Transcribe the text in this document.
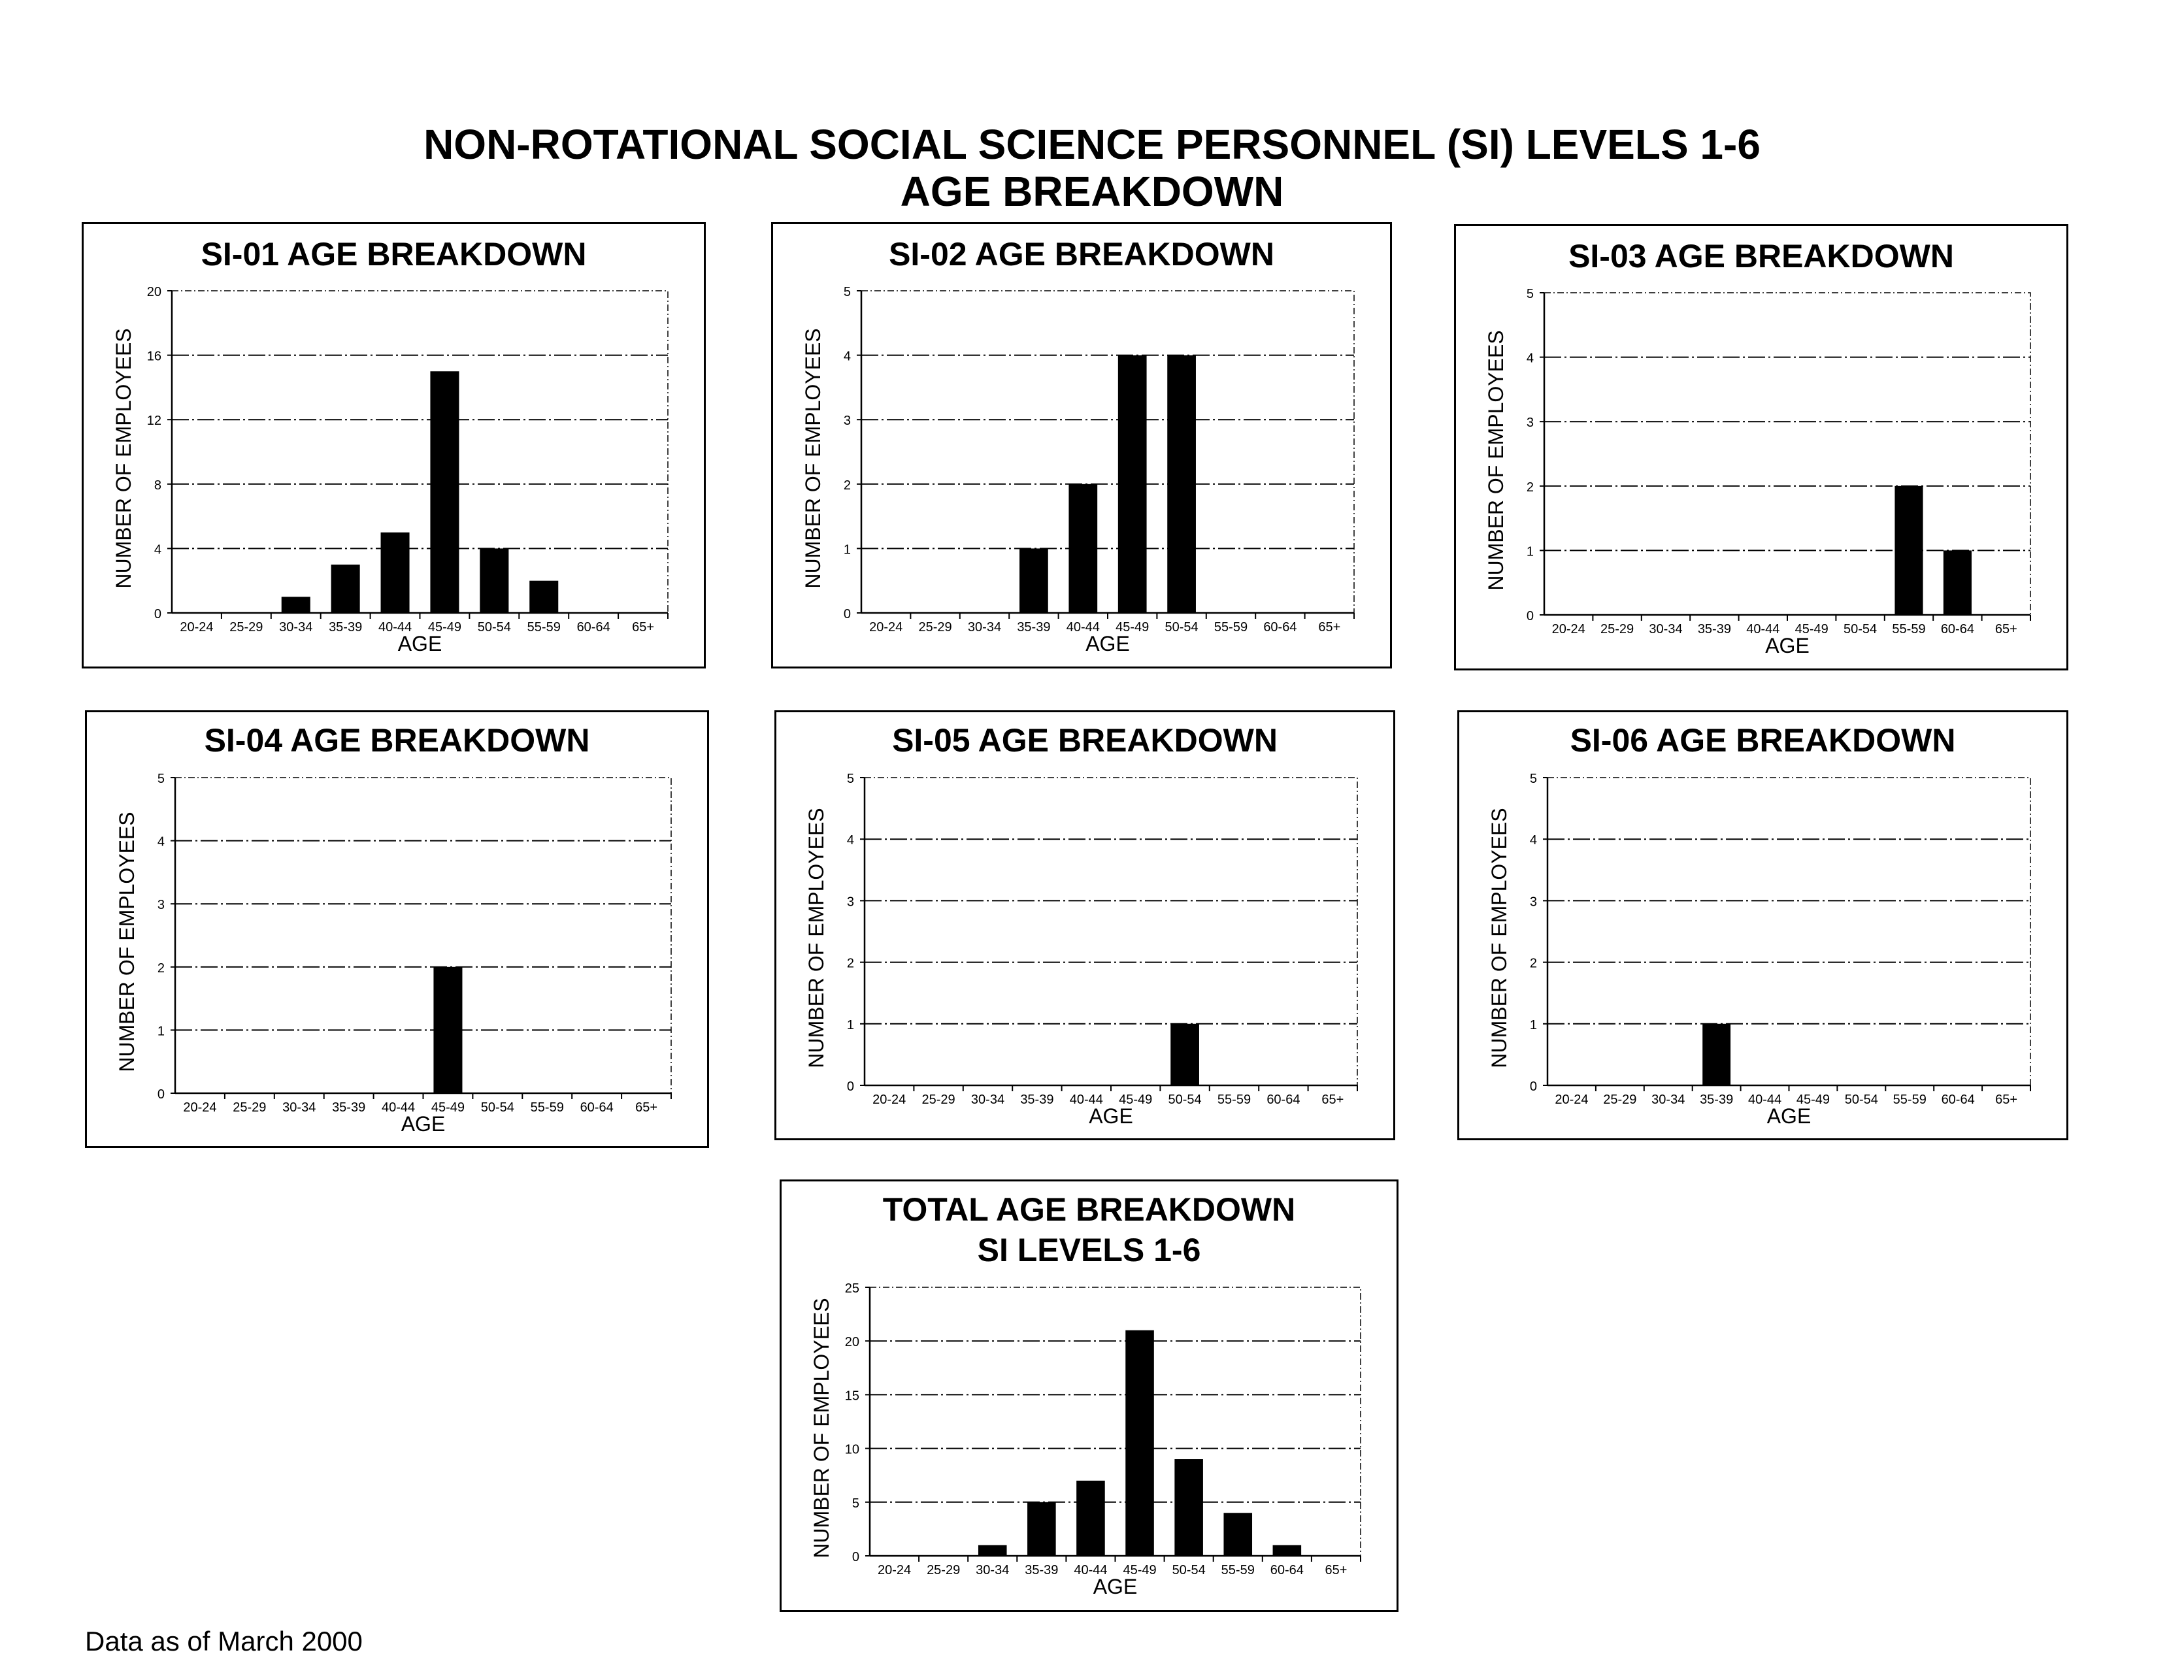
NON-ROTATIONAL SOCIAL SCIENCE PERSONNEL (SI) LEVELS 1-6
AGE BREAKDOWN
SI-01 AGE BREAKDOWN
0
4
8
12
16
20
20-24 25-29 30-34 35-39 40-44 45-49 50-54 55-59 60-64 65+
AGE
NUMBER OF EMPLOYEES
SI-02 AGE BREAKDOWN
0
1
2
3
4
5
20-24 25-29 30-34 35-39 40-44 45-49 50-54 55-59 60-64 65+
AGE
NUMBER OF EMPLOYEES
SI-03 AGE BREAKDOWN
0
1
2
3
4
5
20-24 25-29 30-34 35-39 40-44 45-49 50-54 55-59 60-64 65+
AGE
NUMBER OF EMPLOYEES
SI-04 AGE BREAKDOWN
0
1
2
3
4
5
20-24 25-29 30-34 35-39 40-44 45-49 50-54 55-59 60-64 65+
AGE
NUMBER OF EMPLOYEES
SI-05 AGE BREAKDOWN
0
1
2
3
4
5
20-24 25-29 30-34 35-39 40-44 45-49 50-54 55-59 60-64 65+
AGE
NUMBER OF EMPLOYEES
SI-06 AGE BREAKDOWN
0
1
2
3
4
5
20-24 25-29 30-34 35-39 40-44 45-49 50-54 55-59 60-64 65+
AGE
NUMBER OF EMPLOYEES
TOTAL AGE BREAKDOWN
SI LEVELS 1-6
0
5
10
15
20
25
20-24 25-29 30-34 35-39 40-44 45-49 50-54 55-59 60-64 65+
AGE
NUMBER OF EMPLOYEES
Data as of March 2000
